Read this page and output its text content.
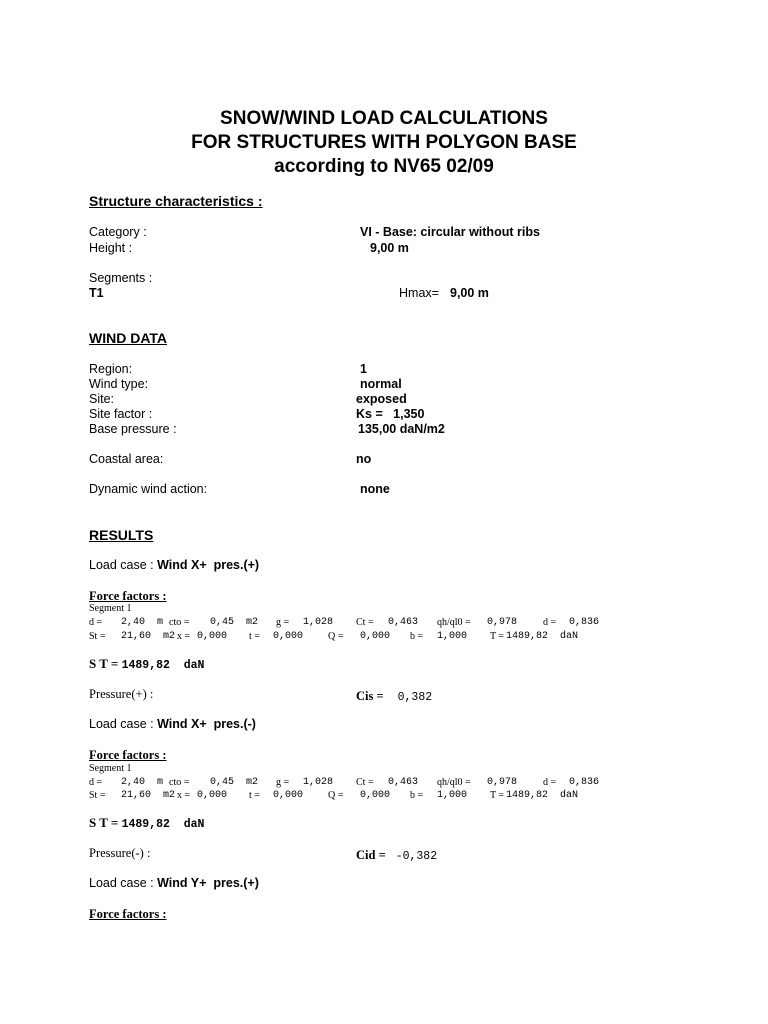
SNOW/WIND LOAD CALCULATIONS
FOR STRUCTURES WITH POLYGON BASE
according to NV65 02/09
Structure characteristics :
Category :	VI - Base: circular without ribs
Height :	9,00 m
Segments :
T1	Hmax= 9,00 m
WIND DATA
Region:	1
Wind type:	normal
Site:	exposed
Site factor :	Ks =   1,350
Base pressure :	135,00 daN/m2
Coastal area:	no
Dynamic wind action:	none
RESULTS
Load case : Wind X+  pres.(+)
Force factors :
Segment 1
d = 2,40  m cto = 0,45  m2 g = 1,028 Ct = 0,463 qh/ql0 = 0,978	d = 0,836
St = 21,60  m2 x = 0,000 t = 0,000 Q = 0,000 b = 1,000 T = 1489,82  daN
S T = 1489,82  daN
Pressure(+) :	Cis = 0,382
Load case : Wind X+  pres.(-)
Force factors :
Segment 1
d = 2,40  m cto = 0,45  m2 g = 1,028 Ct = 0,463 qh/ql0 = 0,978	d = 0,836
St = 21,60  m2 x = 0,000 t = 0,000 Q = 0,000 b = 1,000 T = 1489,82  daN
S T = 1489,82  daN
Pressure(-) :	Cid = -0,382
Load case : Wind Y+  pres.(+)
Force factors :
